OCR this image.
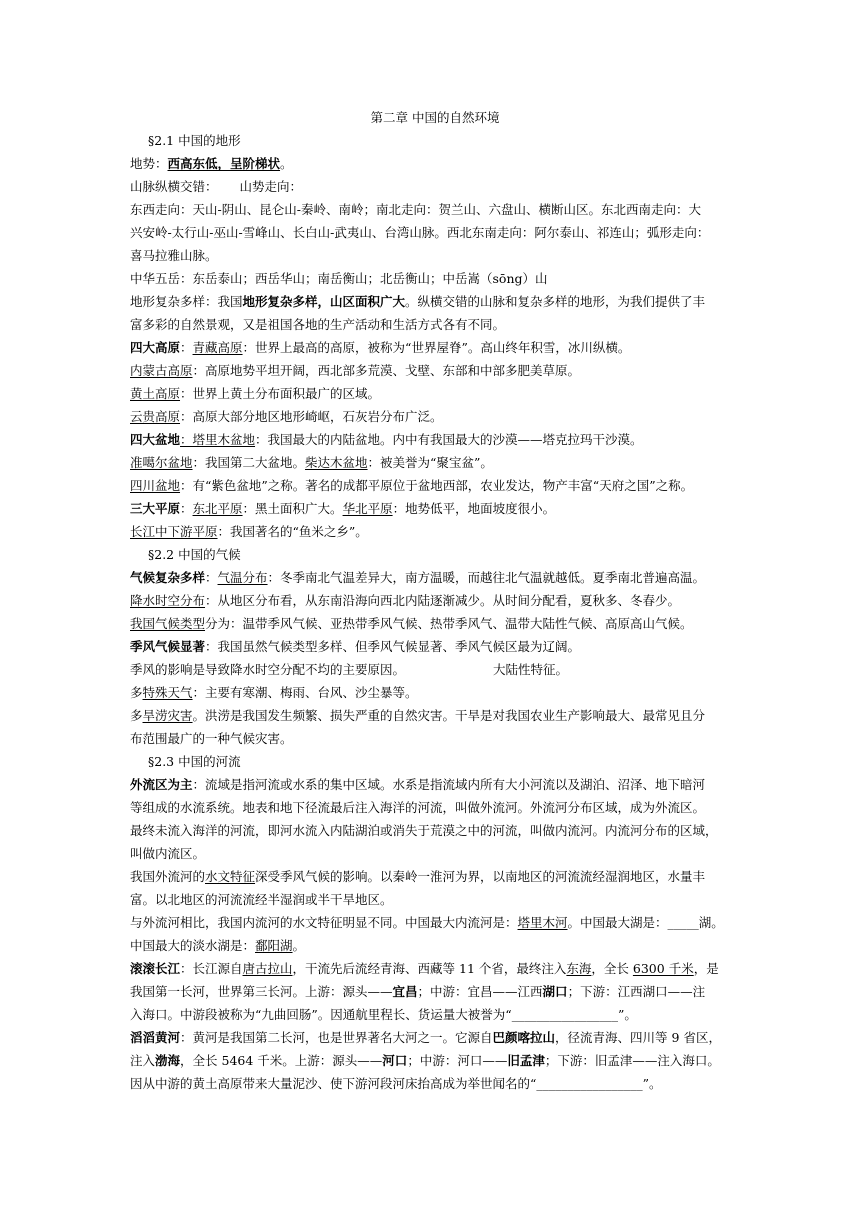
第二章 中国的自然环境
§2.1 中国的地形
地势：西高东低，呈阶梯状。
山脉纵横交错： 山势走向：
东西走向：天山-阴山、昆仑山-秦岭、南岭；南北走向：贺兰山、六盘山、横断山区。东北西南走向：大
兴安岭-太行山-巫山-雪峰山、长白山-武夷山、台湾山脉。西北东南走向：阿尔泰山、祁连山；弧形走向：
喜马拉雅山脉。
中华五岳：东岳泰山；西岳华山；南岳衡山；北岳衡山；中岳嵩（sōng）山
地形复杂多样：我国地形复杂多样，山区面积广大。纵横交错的山脉和复杂多样的地形，为我们提供了丰
富多彩的自然景观，又是祖国各地的生产活动和生活方式各有不同。
四大高原：青藏高原：世界上最高的高原，被称为“世界屋脊”。高山终年积雪，冰川纵横。
内蒙古高原：高原地势平坦开阔，西北部多荒漠、戈壁、东部和中部多肥美草原。
黄土高原：世界上黄土分布面积最广的区域。
云贵高原：高原大部分地区地形崎岖，石灰岩分布广泛。
四大盆地：塔里木盆地：我国最大的内陆盆地。内中有我国最大的沙漠——塔克拉玛干沙漠。
准噶尔盆地：我国第二大盆地。柴达木盆地：被美誉为“聚宝盆”。
四川盆地：有“紫色盆地”之称。著名的成都平原位于盆地西部，农业发达，物产丰富“天府之国”之称。
三大平原：东北平原：黑土面积广大。华北平原：地势低平，地面坡度很小。
长江中下游平原：我国著名的“鱼米之乡”。
§2.2 中国的气候
气候复杂多样：气温分布：冬季南北气温差异大，南方温暖，而越往北气温就越低。夏季南北普遍高温。
降水时空分布：从地区分布看，从东南沿海向西北内陆逐渐减少。从时间分配看，夏秋多、冬春少。
我国气候类型分为：温带季风气候、亚热带季风气候、热带季风气、温带大陆性气候、高原高山气候。
季风气候显著：我国虽然气候类型多样、但季风气候显著、季风气候区最为辽阔。
季风的影响是导致降水时空分配不均的主要原因。	大陆性特征。
多特殊天气：主要有寒潮、梅雨、台风、沙尘暴等。
多旱涝灾害。洪涝是我国发生频繁、损失严重的自然灾害。干旱是对我国农业生产影响最大、最常见且分
布范围最广的一种气候灾害。
§2.3 中国的河流
外流区为主：流域是指河流或水系的集中区域。水系是指流域内所有大小河流以及湖泊、沼泽、地下暗河
等组成的水流系统。地表和地下径流最后注入海洋的河流，叫做外流河。外流河分布区域，成为外流区。
最终未流入海洋的河流，即河水流入内陆湖泊或消失于荒漠之中的河流，叫做内流河。内流河分布的区域，
叫做内流区。
我国外流河的水文特征深受季风气候的影响。以秦岭一淮河为界，以南地区的河流流经湿润地区，水量丰
富。以北地区的河流流经半湿润或半干旱地区。
与外流河相比，我国内流河的水文特征明显不同。中国最大内流河是：塔里木河。中国最大湖是：_____湖。
中国最大的淡水湖是：鄱阳湖。
滚滚长江：长江源自唐古拉山，干流先后流经青海、西藏等 11 个省，最终注入东海，全长 6300 千米，是
我国第一长河，世界第三长河。上游：源头——宜昌；中游：宜昌——江西湖口；下游：江西湖口——注
入海口。中游段被称为“九曲回肠”。因通航里程长、货运量大被誉为“_________________”。
滔滔黄河：黄河是我国第二长河，也是世界著名大河之一。它源自巴颜喀拉山，径流青海、四川等 9 省区，
注入渤海，全长 5464 千米。上游：源头——河口；中游：河口——旧孟津；下游：旧孟津——注入海口。
因从中游的黄土高原带来大量泥沙、使下游河段河床抬高成为举世闻名的“_________________”。
